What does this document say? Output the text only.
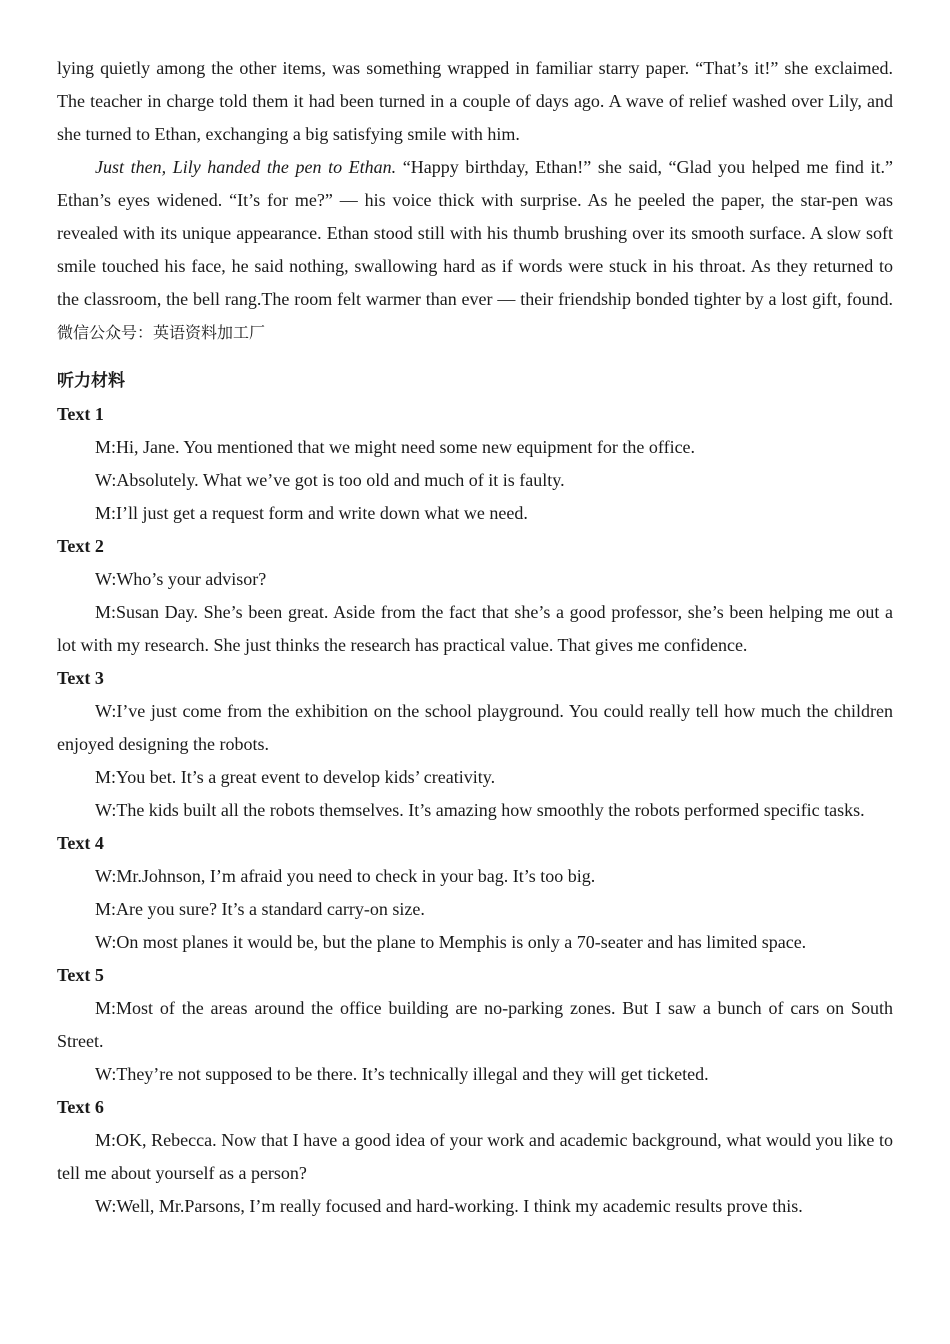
lying quietly among the other items, was something wrapped in familiar starry paper. “That’s it!” she exclaimed. The teacher in charge told them it had been turned in a couple of days ago. A wave of relief washed over Lily, and she turned to Ethan, exchanging a big satisfying smile with him.

Just then, Lily handed the pen to Ethan. “Happy birthday, Ethan!” she said, “Glad you helped me find it.” Ethan’s eyes widened. “It’s for me?” — his voice thick with surprise. As he peeled the paper, the star-pen was revealed with its unique appearance. Ethan stood still with his thumb brushing over its smooth surface. A slow soft smile touched his face, he said nothing, swallowing hard as if words were stuck in his throat. As they returned to the classroom, the bell rang.The room felt warmer than ever — their friendship bonded tighter by a lost gift, found.微信公众号：英语资料加工厂

听力材料
Text 1

M:Hi, Jane. You mentioned that we might need some new equipment for the office.

W:Absolutely. What we’ve got is too old and much of it is faulty.

M:I’ll just get a request form and write down what we need.

Text 2

W:Who’s your advisor?

M:Susan Day. She’s been great. Aside from the fact that she’s a good professor, she’s been helping me out a lot with my research. She just thinks the research has practical value. That gives me confidence.

Text 3

W:I’ve just come from the exhibition on the school playground. You could really tell how much the children enjoyed designing the robots.

M:You bet. It’s a great event to develop kids’ creativity.

W:The kids built all the robots themselves. It’s amazing how smoothly the robots performed specific tasks.

Text 4

W:Mr.Johnson, I’m afraid you need to check in your bag. It’s too big.

M:Are you sure? It’s a standard carry-on size.

W:On most planes it would be, but the plane to Memphis is only a 70-seater and has limited space.

Text 5

M:Most of the areas around the office building are no-parking zones. But I saw a bunch of cars on South Street.

W:They’re not supposed to be there. It’s technically illegal and they will get ticketed.

Text 6

M:OK, Rebecca. Now that I have a good idea of your work and academic background, what would you like to tell me about yourself as a person?

W:Well, Mr.Parsons, I’m really focused and hard-working. I think my academic results prove this.
